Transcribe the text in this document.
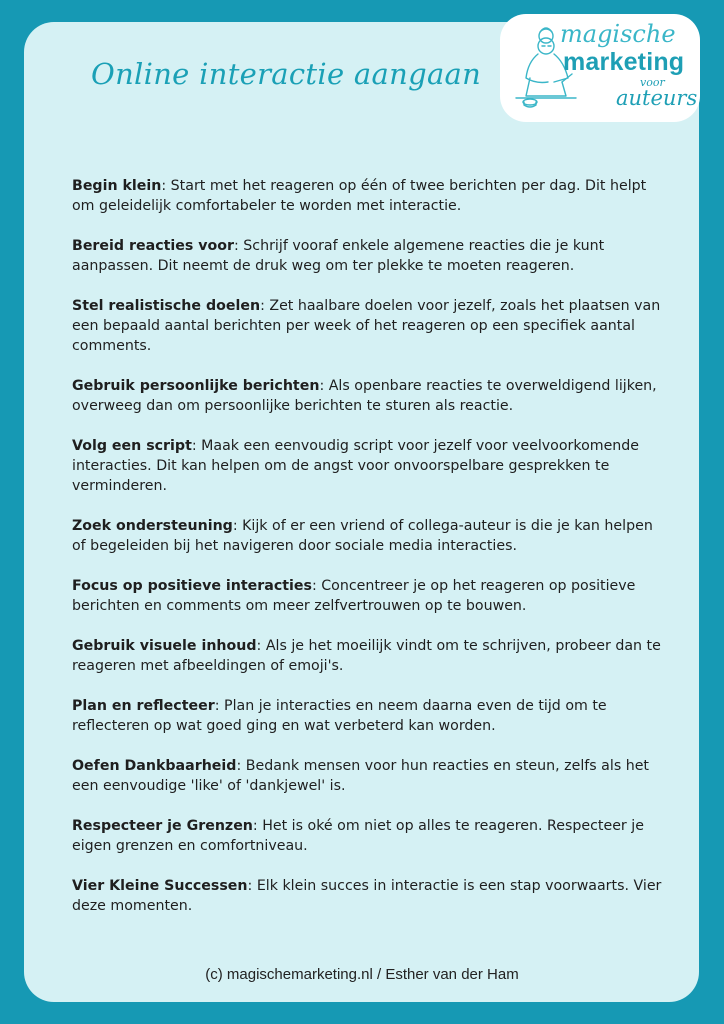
Online interactie aangaan
magische
marketing
voor
auteurs
Begin klein: Start met het reageren op één of twee berichten per dag. Dit helpt om geleidelijk comfortabeler te worden met interactie.
Bereid reacties voor: Schrijf vooraf enkele algemene reacties die je kunt aanpassen. Dit neemt de druk weg om ter plekke te moeten reageren.
Stel realistische doelen: Zet haalbare doelen voor jezelf, zoals het plaatsen van een bepaald aantal berichten per week of het reageren op een specifiek aantal comments.
Gebruik persoonlijke berichten: Als openbare reacties te overweldigend lijken, overweeg dan om persoonlijke berichten te sturen als reactie.
Volg een script: Maak een eenvoudig script voor jezelf voor veelvoorkomende interacties. Dit kan helpen om de angst voor onvoorspelbare gesprekken te verminderen.
Zoek ondersteuning: Kijk of er een vriend of collega-auteur is die je kan helpen of begeleiden bij het navigeren door sociale media interacties.
Focus op positieve interacties: Concentreer je op het reageren op positieve berichten en comments om meer zelfvertrouwen op te bouwen.
Gebruik visuele inhoud: Als je het moeilijk vindt om te schrijven, probeer dan te reageren met afbeeldingen of emoji's.
Plan en reflecteer: Plan je interacties en neem daarna even de tijd om te reflecteren op wat goed ging en wat verbeterd kan worden.
Oefen Dankbaarheid: Bedank mensen voor hun reacties en steun, zelfs als het een eenvoudige 'like' of 'dankjewel' is.
Respecteer je Grenzen: Het is oké om niet op alles te reageren. Respecteer je eigen grenzen en comfortniveau.
Vier Kleine Successen: Elk klein succes in interactie is een stap voorwaarts. Vier deze momenten.
(c) magischemarketing.nl / Esther van der Ham
